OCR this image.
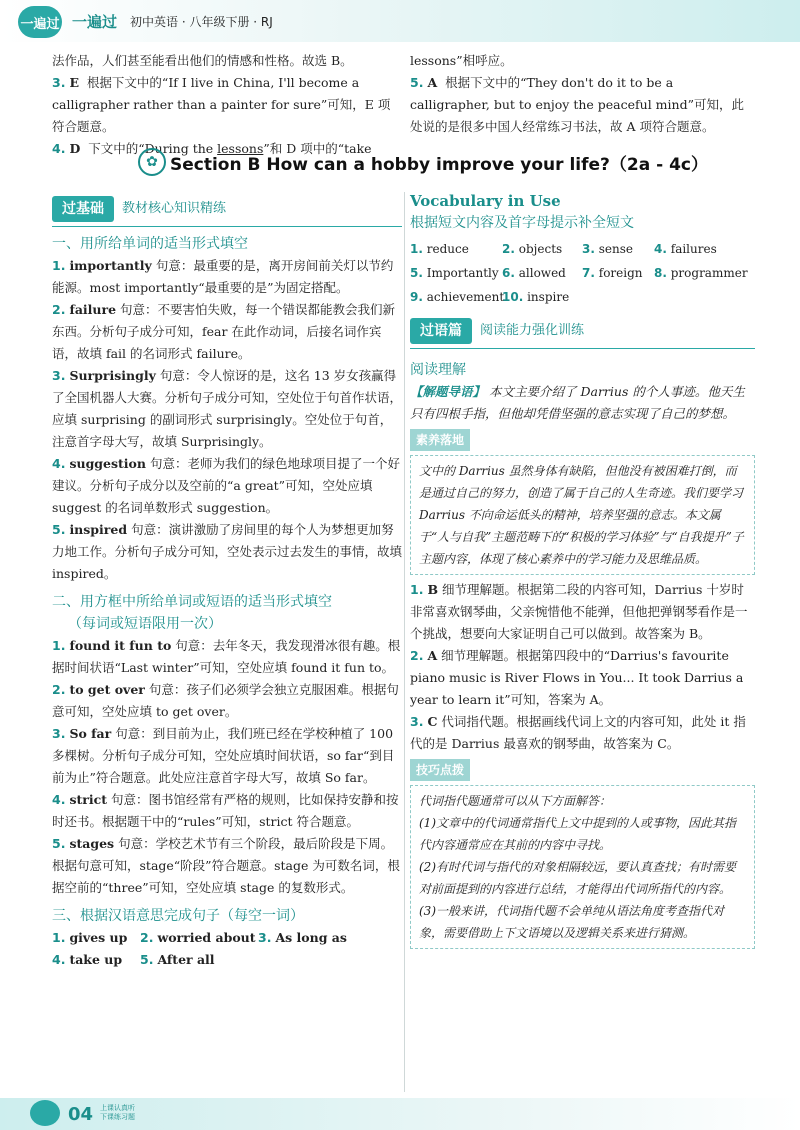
一遍过 一遍过 初中英语 · 八年级下册 · RJ

法作品，人们甚至能看出他们的情感和性格。故选 B。

3. E 根据下文中的“If I live in China, I'll become a calligrapher rather than a painter for sure”可知，E 项符合题意。

4. D 下文中的“During the lessons”和 D 项中的“take

lessons”相呼应。

5. A 根据下文中的“They don't do it to be a calligrapher, but to enjoy the peaceful mind”可知，此处说的是很多中国人经常练习书法，故 A 项符合题意。

✿ Section B How can a hobby improve your life?（2a - 4c）
过基础	教材核心知识精练
一、用所给单词的适当形式填空

1. importantly 句意：最重要的是，离开房间前关灯以节约能源。most importantly“最重要的是”为固定搭配。

2. failure 句意：不要害怕失败，每一个错误都能教会我们新东西。分析句子成分可知，fear 在此作动词，后接名词作宾语，故填 fail 的名词形式 failure。

3. Surprisingly 句意：令人惊讶的是，这名 13 岁女孩赢得了全国机器人大赛。分析句子成分可知，空处位于句首作状语，应填 surprising 的副词形式 surprisingly。空处位于句首，注意首字母大写，故填 Surprisingly。

4. suggestion 句意：老师为我们的绿色地球项目提了一个好建议。分析句子成分以及空前的“a great”可知，空处应填 suggest 的名词单数形式 suggestion。

5. inspired 句意：演讲激励了房间里的每个人为梦想更加努力地工作。分析句子成分可知，空处表示过去发生的事情，故填 inspired。

二、用方框中所给单词或短语的适当形式填空
（每词或短语限用一次）

1. found it fun to 句意：去年冬天，我发现滑冰很有趣。根据时间状语“Last winter”可知，空处应填 found it fun to。

2. to get over 句意：孩子们必须学会独立克服困难。根据句意可知，空处应填 to get over。

3. So far 句意：到目前为止，我们班已经在学校种植了 100 多棵树。分析句子成分可知，空处应填时间状语，so far“到目前为止”符合题意。此处应注意首字母大写，故填 So far。

4. strict 句意：图书馆经常有严格的规则，比如保持安静和按时还书。根据题干中的“rules”可知，strict 符合题意。

5. stages 句意：学校艺术节有三个阶段，最后阶段是下周。根据句意可知，stage“阶段”符合题意。stage 为可数名词，根据空前的“three”可知，空处应填 stage 的复数形式。

三、根据汉语意思完成句子（每空一词）

1. gives up	2. worried about 3. As long as

4. take up	5. After all

Vocabulary in Use
根据短文内容及首字母提示补全短文
1. reduce	2. objects	3. sense	4. failures
5. Importantly 6. allowed	7. foreign 8. programmer
9. achievement
10. inspire
过语篇	阅读能力强化训练
阅读理解

【解题导语】 本文主要介绍了 Darrius 的个人事迹。他天生只有四根手指，但他却凭借坚强的意志实现了自己的梦想。

素养落地
文中的 Darrius 虽然身体有缺陷，但他没有被困难打倒，而是通过自己的努力，创造了属于自己的人生奇迹。我们要学习 Darrius 不向命运低头的精神，培养坚强的意志。本文属于“人与自我”主题范畴下的“积极的学习体验”与“自我提升”子主题内容，体现了核心素养中的学习能力及思维品质。

1. B 细节理解题。根据第二段的内容可知，Darrius 十岁时非常喜欢钢琴曲，父亲惋惜他不能弹，但他把弹钢琴看作是一个挑战，想要向大家证明自己可以做到。故答案为 B。

2. A 细节理解题。根据第四段中的“Darrius's favourite piano music is River Flows in You... It took Darrius a year to learn it”可知，答案为 A。

3. C 代词指代题。根据画线代词上文的内容可知，此处 it 指代的是 Darrius 最喜欢的钢琴曲，故答案为 C。

技巧点拨

代词指代题通常可以从下方面解答：

(1)文章中的代词通常指代上文中提到的人或事物，因此其指代内容通常应在其前的内容中寻找。

(2)有时代词与指代的对象相隔较远，要认真查找；有时需要对前面提到的内容进行总结，才能得出代词所指代的内容。

(3)一般来讲，代词指代题不会单纯从语法角度考查指代对象，需要借助上下文语境以及逻辑关系来进行猜测。

04 上课认真听 下课练习题
